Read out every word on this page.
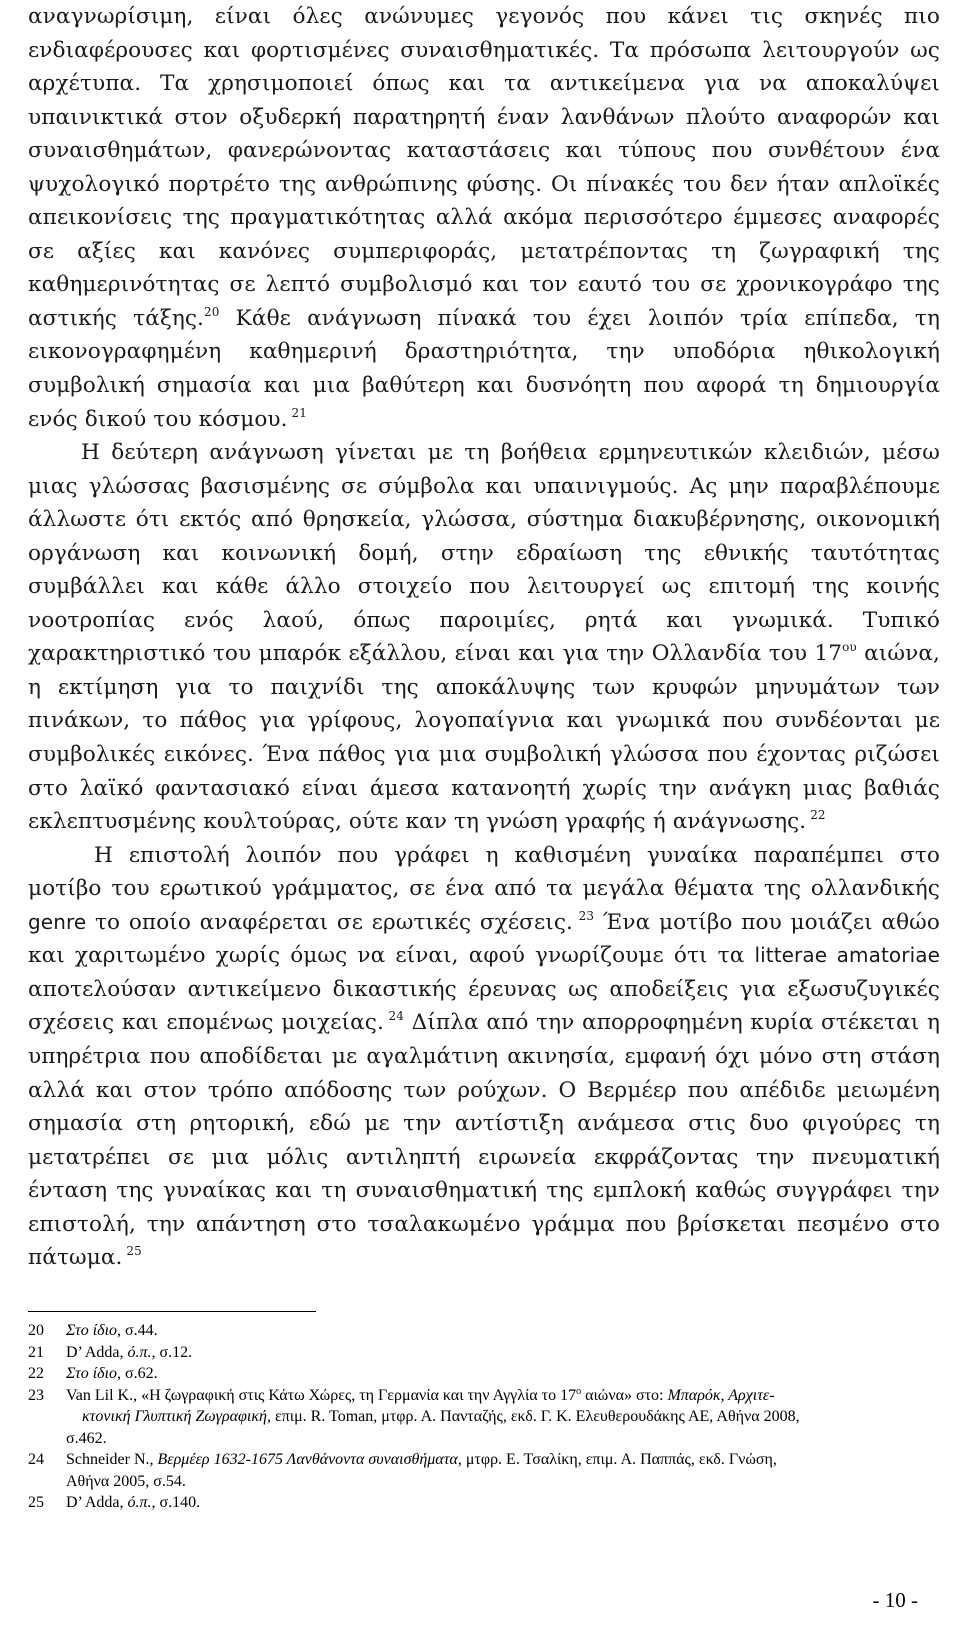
αναγνωρίσιμη, είναι όλες ανώνυμες γεγονός που κάνει τις σκηνές πιο ενδιαφέρουσες και φορτισμένες συναισθηματικές. Τα πρόσωπα λειτουργούν ως αρχέτυπα. Τα χρησιμοποιεί όπως και τα αντικείμενα για να αποκαλύψει υπαινικτικά στον οξυδερκή παρατηρητή έναν λανθάνων πλούτο αναφορών και συναισθημάτων, φανερώνοντας καταστάσεις και τύπους που συνθέτουν ένα ψυχολογικό πορτρέτο της ανθρώπινης φύσης. Οι πίνακές του δεν ήταν απλοϊκές απεικονίσεις της πραγματικότητας αλλά ακόμα περισσότερο έμμεσες αναφορές σε αξίες και κανόνες συμπεριφοράς, μετατρέποντας τη ζωγραφική της καθημερινότητας σε λεπτό συμβολισμό και τον εαυτό του σε χρονικογράφο της αστικής τάξης.$^{20}$ Κάθε ανάγνωση πίνακά του έχει λοιπόν τρία επίπεδα, τη εικονογραφημένη καθημερινή δραστηριότητα, την υποδόρια ηθικολογική συμβολική σημασία και μια βαθύτερη και δυσνόητη που αφορά τη δημιουργία ενός δικού του κόσμου. $^{21}$

Η δεύτερη ανάγνωση γίνεται με τη βοήθεια ερμηνευτικών κλειδιών, μέσω μιας γλώσσας βασισμένης σε σύμβολα και υπαινιγμούς. Ας μην παραβλέπουμε άλλωστε ότι εκτός από θρησκεία, γλώσσα, σύστημα διακυβέρνησης, οικονομική οργάνωση και κοινωνική δομή, στην εδραίωση της εθνικής ταυτότητας συμβάλλει και κάθε άλλο στοιχείο που λειτουργεί ως επιτομή της κοινής νοοτροπίας ενός λαού, όπως παροιμίες, ρητά και γνωμικά. Τυπικό χαρακτηριστικό του μπαρόκ εξάλλου, είναι και για την Ολλανδία του $17^{o\upsilon}$ αιώνα, η εκτίμηση για το παιχνίδι της αποκάλυψης των κρυφών μηνυμάτων των πινάκων, το πάθος για γρίφους, λογοπαίγνια και γνωμικά που συνδέονται με συμβολικές εικόνες. Ένα πάθος για μια συμβολική γλώσσα που έχοντας ριζώσει στο λαϊκό φαντασιακό είναι άμεσα κατανοητή χωρίς την ανάγκη μιας βαθιάς εκλεπτυσμένης κουλτούρας, ούτε καν τη γνώση γραφής ή ανάγνωσης. $^{22}$

Η επιστολή λοιπόν που γράφει η καθισμένη γυναίκα παραπέμπει στο μοτίβο του ερωτικού γράμματος, σε ένα από τα μεγάλα θέματα της ολλανδικής genre το οποίο αναφέρεται σε ερωτικές σχέσεις. $^{23}$ Ένα μοτίβο που μοιάζει αθώο και χαριτωμένο χωρίς όμως να είναι, αφού γνωρίζουμε ότι τα litterae amatoriae αποτελούσαν αντικείμενο δικαστικής έρευνας ως αποδείξεις για εξωσυζυγικές σχέσεις και επομένως μοιχείας. $^{24}$ Δίπλα από την απορροφημένη κυρία στέκεται η υπηρέτρια που αποδίδεται με αγαλμάτινη ακινησία, εμφανή όχι μόνο στη στάση αλλά και στον τρόπο απόδοσης των ρούχων. Ο Βερμέερ που απέδιδε μειωμένη σημασία στη ρητορική, εδώ με την αντίστιξη ανάμεσα στις δυο φιγούρες τη μετατρέπει σε μια μόλις αντιληπτή ειρωνεία εκφράζοντας την πνευματική ένταση της γυναίκας και τη συναισθηματική της εμπλοκή καθώς συγγράφει την επιστολή, την απάντηση στο τσαλακωμένο γράμμα που βρίσκεται πεσμένο στο πάτωμα. $^{25}$

20	Στο ίδιο, σ.44.
21	D’ Adda, ό.π., σ.12.
22	Στο ίδιο, σ.62.
23	Van Lil K., «Η ζωγραφική στις Κάτω Χώρες, τη Γερμανία και την Αγγλία το $17^o$ αιώνα» στο: Μπαρόκ, Αρχιτε-
κτονική Γλυπτική Ζωγραφική, επιμ. R. Toman, μτφρ. Α. Πανταζής, εκδ. Γ. Κ. Ελευθερουδάκης ΑΕ, Αθήνα 2008,
σ.462.
24	Schneider N., Βερμέερ 1632-1675 Λανθάνοντα συναισθήματα, μτφρ. Ε. Τσαλίκη, επιμ. Α. Παππάς, εκδ. Γνώση,
Αθήνα 2005, σ.54.
25	D’ Adda, ό.π., σ.140.
- 10 -
